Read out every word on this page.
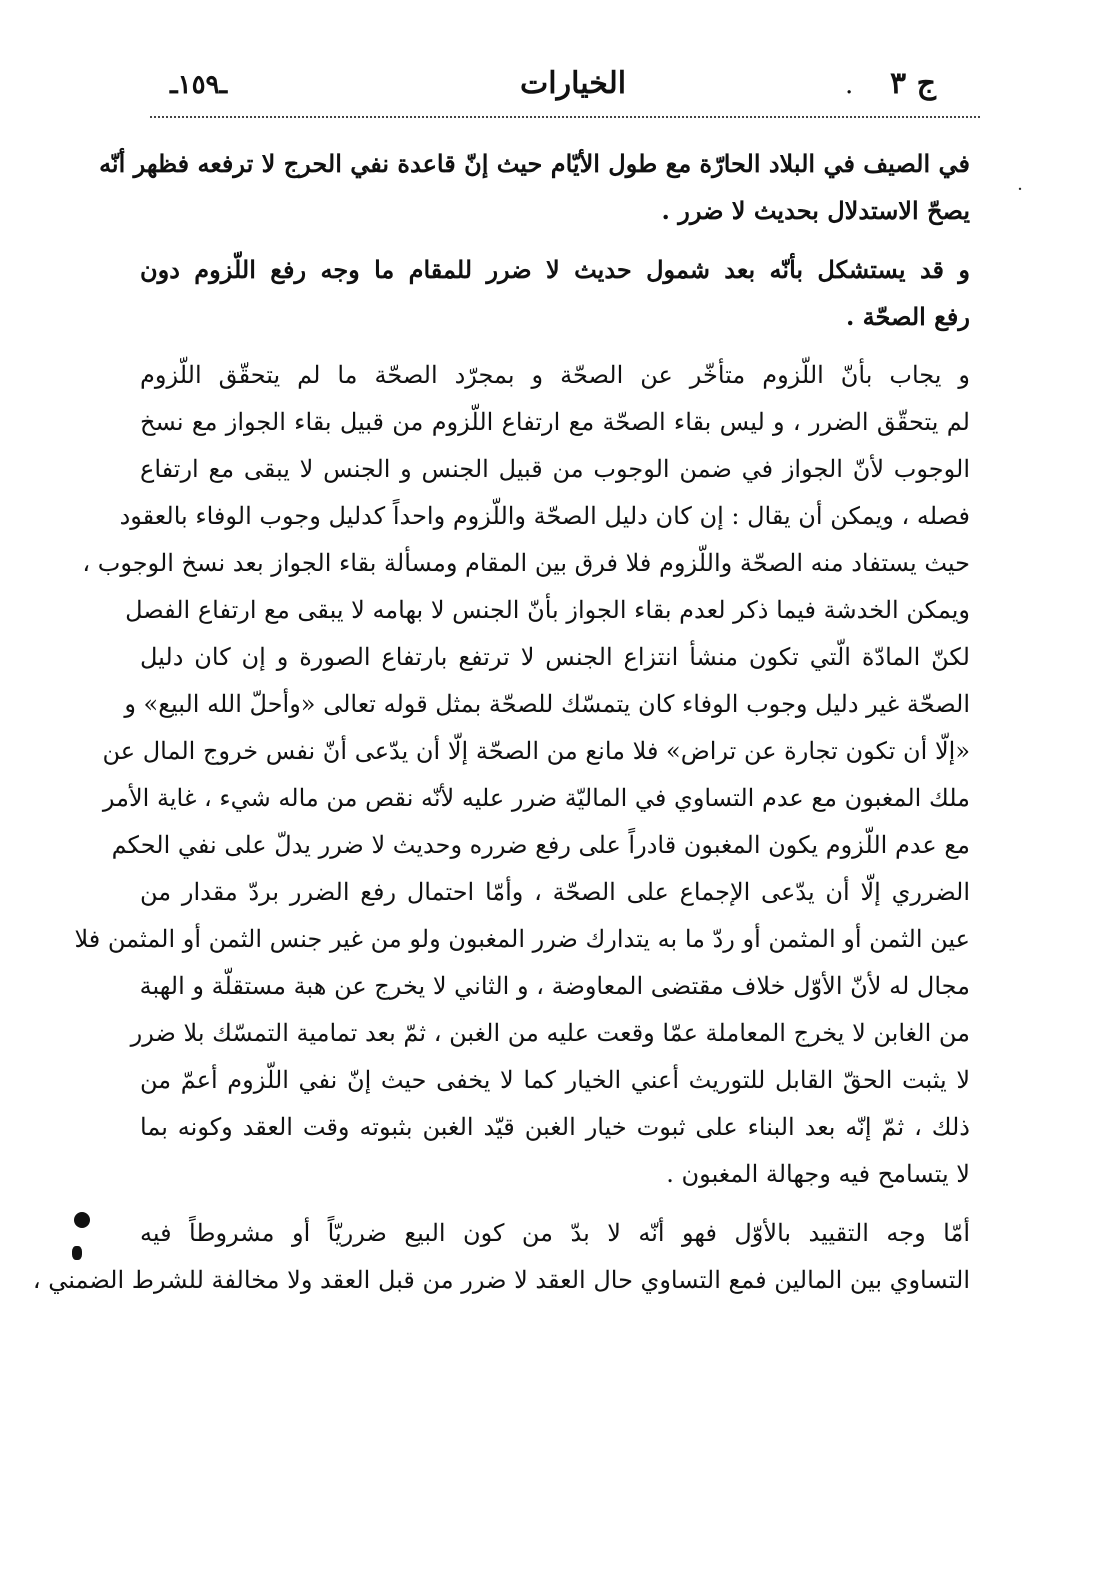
ـ١٥٩ـ	الخيارات	. ج ٣
في الصيف في البلاد الحارّة مع طول الأيّام حيث إنّ قاعدة نفي الحرج لا ترفعه فظهر أنّه
يصحّ الاستدلال بحديث لا ضرر .
و قد يستشكل بأنّه بعد شمول حديث لا ضرر للمقام ما وجه رفع اللّزوم دون
رفع الصحّة .
و يجاب بأنّ اللّزوم متأخّر عن الصحّة و بمجرّد الصحّة ما لم يتحقّق اللّزوم
لم يتحقّق الضرر ، و ليس بقاء الصحّة مع ارتفاع اللّزوم من قبيل بقاء الجواز مع نسخ
الوجوب لأنّ الجواز في ضمن الوجوب من قبيل الجنس و الجنس لا يبقى مع ارتفاع
فصله ، ويمكن أن يقال : إن كان دليل الصحّة واللّزوم واحداً كدليل وجوب الوفاء بالعقود
حيث يستفاد منه الصحّة واللّزوم فلا فرق بين المقام ومسألة بقاء الجواز بعد نسخ الوجوب ،
ويمكن الخدشة فيما ذكر لعدم بقاء الجواز بأنّ الجنس لا بهامه لا يبقى مع ارتفاع الفصل
لكنّ المادّة الّتي تكون منشأ انتزاع الجنس لا ترتفع بارتفاع الصورة و إن كان دليل
الصحّة غير دليل وجوب الوفاء كان يتمسّك للصحّة بمثل قوله تعالى «وأحلّ الله البيع» و
«إلّا أن تكون تجارة عن تراض» فلا مانع من الصحّة إلّا أن يدّعى أنّ نفس خروج المال عن
ملك المغبون مع عدم التساوي في الماليّة ضرر عليه لأنّه نقص من ماله شيء ، غاية الأمر
مع عدم اللّزوم يكون المغبون قادراً على رفع ضرره وحديث لا ضرر يدلّ على نفي الحكم
الضرري إلّا أن يدّعى الإجماع على الصحّة ، وأمّا احتمال رفع الضرر بردّ مقدار من
عين الثمن أو المثمن أو ردّ ما به يتدارك ضرر المغبون ولو من غير جنس الثمن أو المثمن فلا
مجال له لأنّ الأوّل خلاف مقتضى المعاوضة ، و الثاني لا يخرج عن هبة مستقلّة و الهبة
من الغابن لا يخرج المعاملة عمّا وقعت عليه من الغبن ، ثمّ بعد تمامية التمسّك بلا ضرر
لا يثبت الحقّ القابل للتوريث أعني الخيار كما لا يخفى حيث إنّ نفي اللّزوم أعمّ من
ذلك ، ثمّ إنّه بعد البناء على ثبوت خيار الغبن قيّد الغبن بثبوته وقت العقد وكونه بما
لا يتسامح فيه وجهالة المغبون .
أمّا وجه التقييد بالأوّل فهو أنّه لا بدّ من كون البيع ضرريّاً أو مشروطاً فيه
التساوي بين المالين فمع التساوي حال العقد لا ضرر من قبل العقد ولا مخالفة للشرط الضمني ،
